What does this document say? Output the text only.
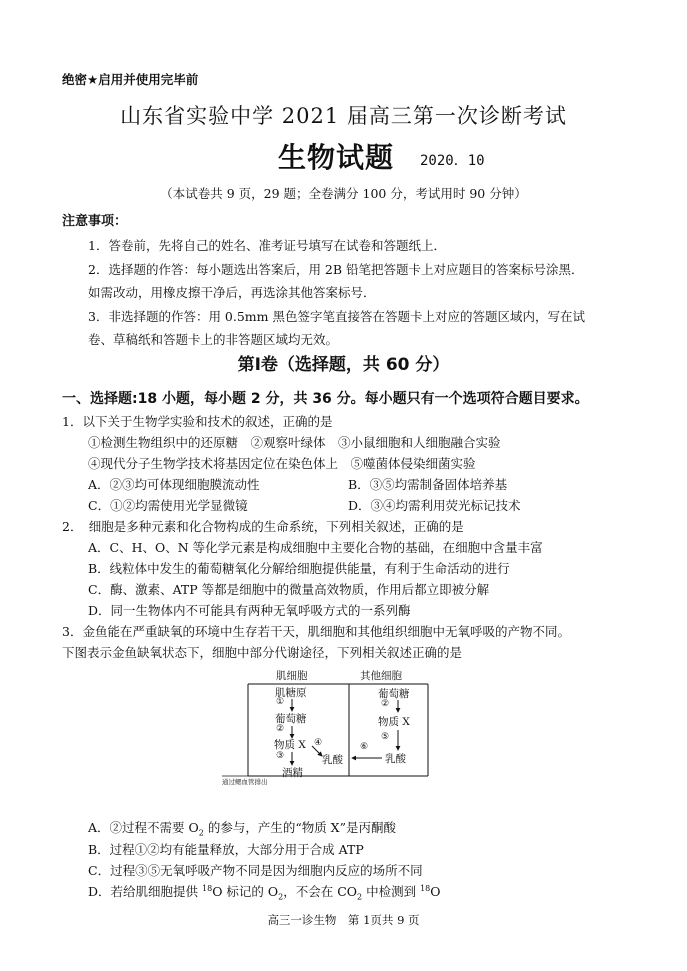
绝密★启用并使用完毕前
山东省实验中学 2021 届高三第一次诊断考试
生物试题 2020．10
（本试卷共 9 页，29 题；全卷满分 100 分，考试用时 90 分钟）
注意事项：
1．答卷前，先将自己的姓名、准考证号填写在试卷和答题纸上．
2．选择题的作答：每小题选出答案后，用 2B 铅笔把答题卡上对应题目的答案标号涂黑．
如需改动，用橡皮擦干净后，再选涂其他答案标号．
3．非选择题的作答：用 0.5mm 黑色签字笔直接答在答题卡上对应的答题区域内，写在试
卷、草稿纸和答题卡上的非答题区域均无效。
第Ⅰ卷（选择题，共 60 分）
一、选择题:18 小题，每小题 2 分，共 36 分。每小题只有一个选项符合题目要求。
1．以下关于生物学实验和技术的叙述，正确的是
①检测生物组织中的还原糖　②观察叶绿体　③小鼠细胞和人细胞融合实验
④现代分子生物学技术将基因定位在染色体上　⑤噬菌体侵染细菌实验
A．②③均可体现细胞膜流动性	B．③⑤均需制备固体培养基
C．①②均需使用光学显微镜	D．③④均需利用荧光标记技术
2．　细胞是多种元素和化合物构成的生命系统，下列相关叙述，正确的是
A．C、H、O、N 等化学元素是构成细胞中主要化合物的基础，在细胞中含量丰富
B．线粒体中发生的葡萄糖氧化分解给细胞提供能量，有利于生命活动的进行
C．酶、激素、ATP 等都是细胞中的微量高效物质，作用后都立即被分解
D．同一生物体内不可能具有两种无氧呼吸方式的一系列酶
3．金鱼能在严重缺氧的环境中生存若干天，肌细胞和其他组织细胞中无氧呼吸的产物不同。
下图表示金鱼缺氧状态下，细胞中部分代谢途径，下列相关叙述正确的是
肌细胞	其他细胞
肌糖原
①
葡萄糖
②
物质 X ④
③	乳酸
酒精
葡萄糖
②
物质 X
⑤
⑥
乳酸
通过鳃血管排出
A．②过程不需要 $O_2$ 的参与，产生的“物质 X”是丙酮酸
B．过程①②均有能量释放，大部分用于合成 ATP
C．过程③⑤无氧呼吸产物不同是因为细胞内反应的场所不同
D．若给肌细胞提供 $^{18}$O 标记的 $O_2$，不会在 $CO_2$ 中检测到 $^{18}$O
高三一诊生物　第 1页共 9 页
